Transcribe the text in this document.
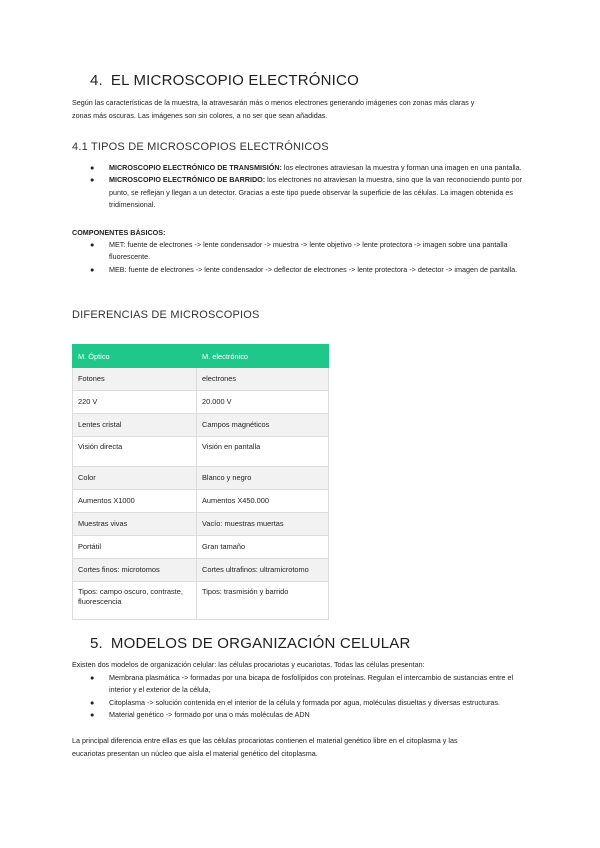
4. EL MICROSCOPIO ELECTRÓNICO
Según las características de la muestra, la atravesarán más o menos electrones generando imágenes con zonas más claras y
zonas más oscuras. Las imágenes son sin colores, a no ser que sean añadidas.
4.1 TIPOS DE MICROSCOPIOS ELECTRÓNICOS
● MICROSCOPIO ELECTRÓNICO DE TRANSMISIÓN: los electrones atraviesan la muestra y forman una imagen en una pantalla.
● MICROSCOPIO ELECTRÓNICO DE BARRIDO: los electrones no atraviesan la muestra, sino que la van reconociendo punto por punto, se reflejan y llegan a un detector. Gracias a este tipo puede observar la superficie de las células. La imagen obtenida es tridimensional.
COMPONENTES BÁSICOS:
● MET: fuente de electrones -> lente condensador -> muestra -> lente objetivo -> lente protectora -> imagen sobre una pantalla fluorescente.
● MEB: fuente de electrones -> lente condensador -> deflector de electrones -> lente protectora -> detector -> imagen de pantalla.
DIFERENCIAS DE MICROSCOPIOS
M. Óptico	M. electrónico
Fotones	electrones
220 V	20.000 V
Lentes cristal	Campos magnéticos
Visión directa	Visión en pantalla
Color	Blanco y negro
Aumentos X1000	Aumentos X450.000
Muestras vivas	Vacío: muestras muertas
Portátil	Gran tamaño
Cortes finos: microtomos	Cortes ultrafinos: ultramicrotomo
Tipos: campo oscuro, contraste, fluorescencia	Tipos: trasmisión y barrido
5. MODELOS DE ORGANIZACIÓN CELULAR
Existen dos modelos de organización celular: las células procariotas y eucariotas. Todas las células presentan:
● Membrana plasmática -> formadas por una bicapa de fosfolípidos con proteínas. Regulan el intercambio de sustancias entre el interior y el exterior de la célula,
● Citoplasma -> solución contenida en el interior de la célula y formada por agua, moléculas disueltas y diversas estructuras.
● Material genético -> formado por una o más moléculas de ADN
La principal diferencia entre ellas es que las células procariotas contienen el material genético libre en el citoplasma y las
eucariotas presentan un núcleo que aísla el material genético del citoplasma.
